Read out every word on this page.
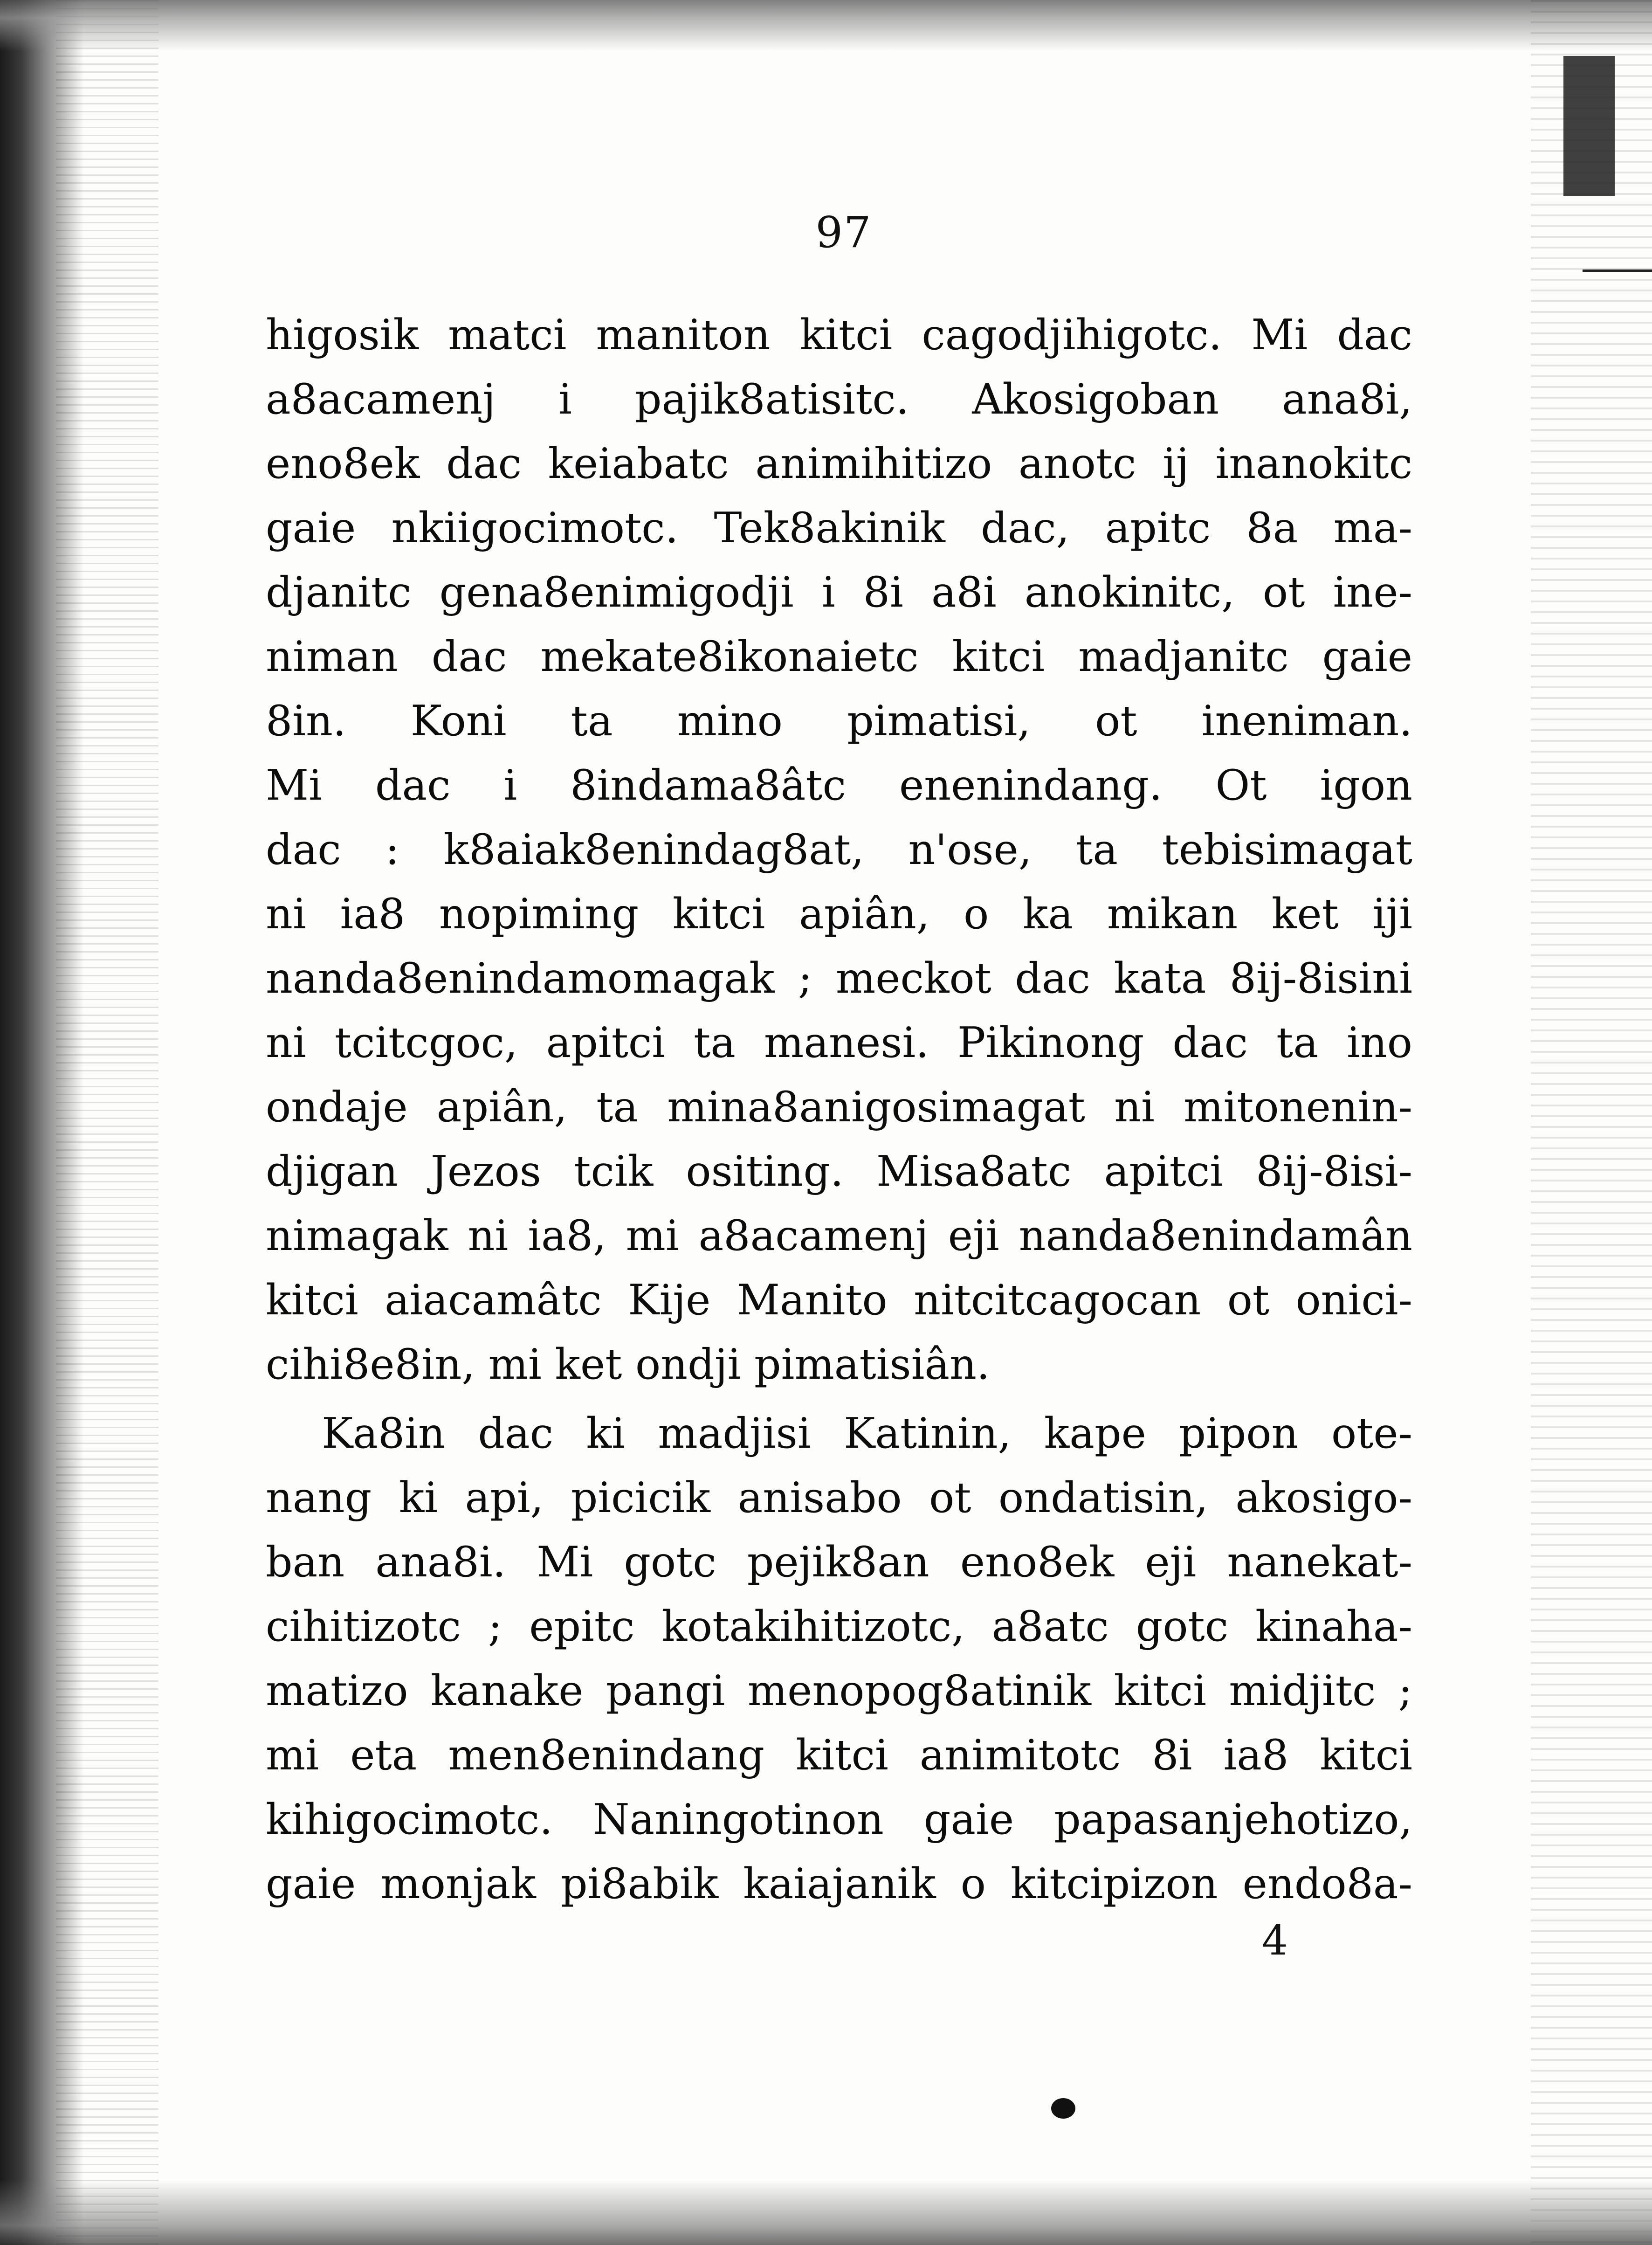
97
higosik matci maniton kitci cagodjihigotc. Mi dac
a8acamenj i pajik8atisitc. Akosigoban ana8i,
eno8ek dac keiabatc animihitizo anotc ij inanokitc
gaie nkiigocimotc. Tek8akinik dac, apitc 8a ma-
djanitc gena8enimigodji i 8i a8i anokinitc, ot ine-
niman dac mekate8ikonaietc kitci madjanitc gaie
8in. Koni ta mino pimatisi, ot ineniman.
Mi dac i 8indama8âtc enenindang. Ot igon
dac : k8aiak8enindag8at, n'ose, ta tebisimagat
ni ia8 nopiming kitci apiân, o ka mikan ket iji
nanda8enindamomagak ; meckot dac kata 8ij-8isini
ni tcitcgoc, apitci ta manesi. Pikinong dac ta ino
ondaje apiân, ta mina8anigosimagat ni mitonenin-
djigan Jezos tcik ositing. Misa8atc apitci 8ij-8isi-
nimagak ni ia8, mi a8acamenj eji nanda8enindamân
kitci aiacamâtc Kije Manito nitcitcagocan ot onici-
cihi8e8in, mi ket ondji pimatisiân.
Ka8in dac ki madjisi Katinin, kape pipon ote-
nang ki api, picicik anisabo ot ondatisin, akosigo-
ban ana8i. Mi gotc pejik8an eno8ek eji nanekat-
cihitizotc ; epitc kotakihitizotc, a8atc gotc kinaha-
matizo kanake pangi menopog8atinik kitci midjitc ;
mi eta men8enindang kitci animitotc 8i ia8 kitci
kihigocimotc. Naningotinon gaie papasanjehotizo,
gaie monjak pi8abik kaiajanik o kitcipizon endo8a-
4
